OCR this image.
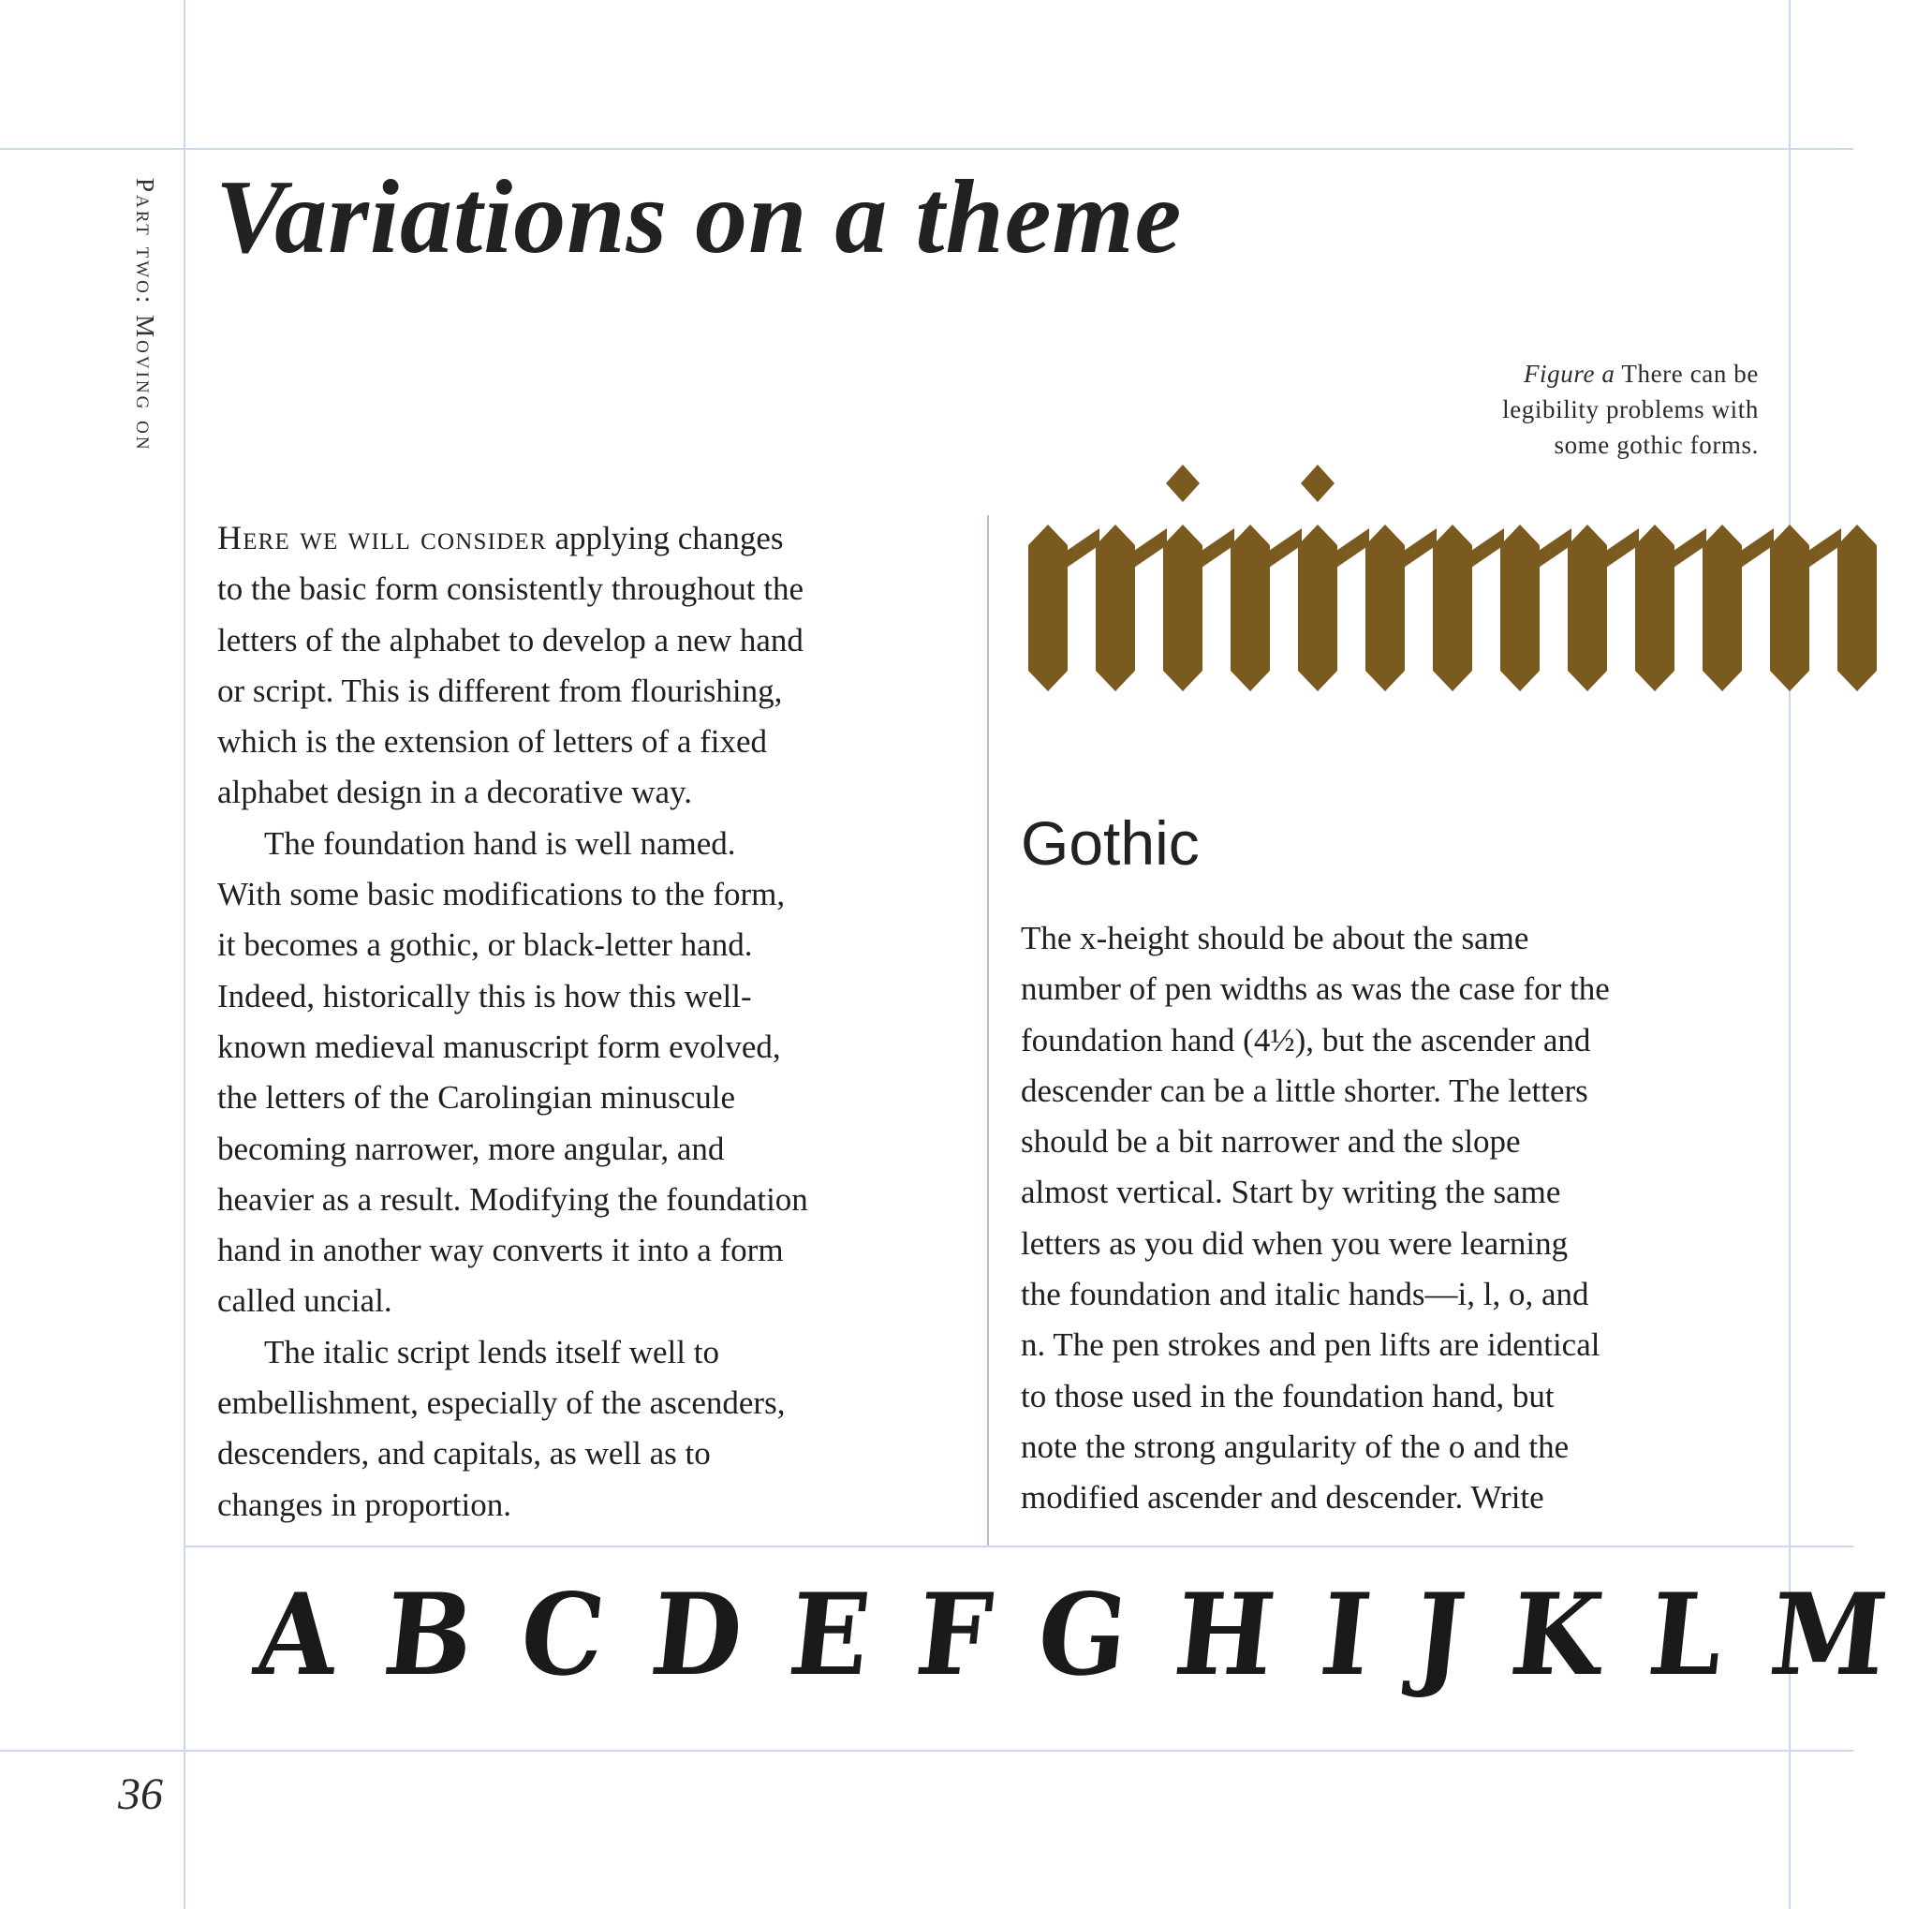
Part two: Moving on Variations on a theme
Figure a There can be
legibility problems with
some gothic forms.

Here we will consider applying changes

to the basic form consistently throughout the

letters of the alphabet to develop a new hand

or script. This is different from flourishing,

which is the extension of letters of a fixed

alphabet design in a decorative way.

The foundation hand is well named.

With some basic modifications to the form,

it becomes a gothic, or black-letter hand.

Indeed, historically this is how this well-

known medieval manuscript form evolved,

the letters of the Carolingian minuscule

becoming narrower, more angular, and

heavier as a result. Modifying the foundation

hand in another way converts it into a form

called uncial.

The italic script lends itself well to

embellishment, especially of the ascenders,

descenders, and capitals, as well as to

changes in proportion.

Gothic

The x-height should be about the same

number of pen widths as was the case for the

foundation hand (4½), but the ascender and

descender can be a little shorter. The letters

should be a bit narrower and the slope

almost vertical. Start by writing the same

letters as you did when you were learning

the foundation and italic hands—i, l, o, and

n. The pen strokes and pen lifts are identical

to those used in the foundation hand, but

note the strong angularity of the o and the

modified ascender and descender. Write

A B C D E F G H I J K L M
36
